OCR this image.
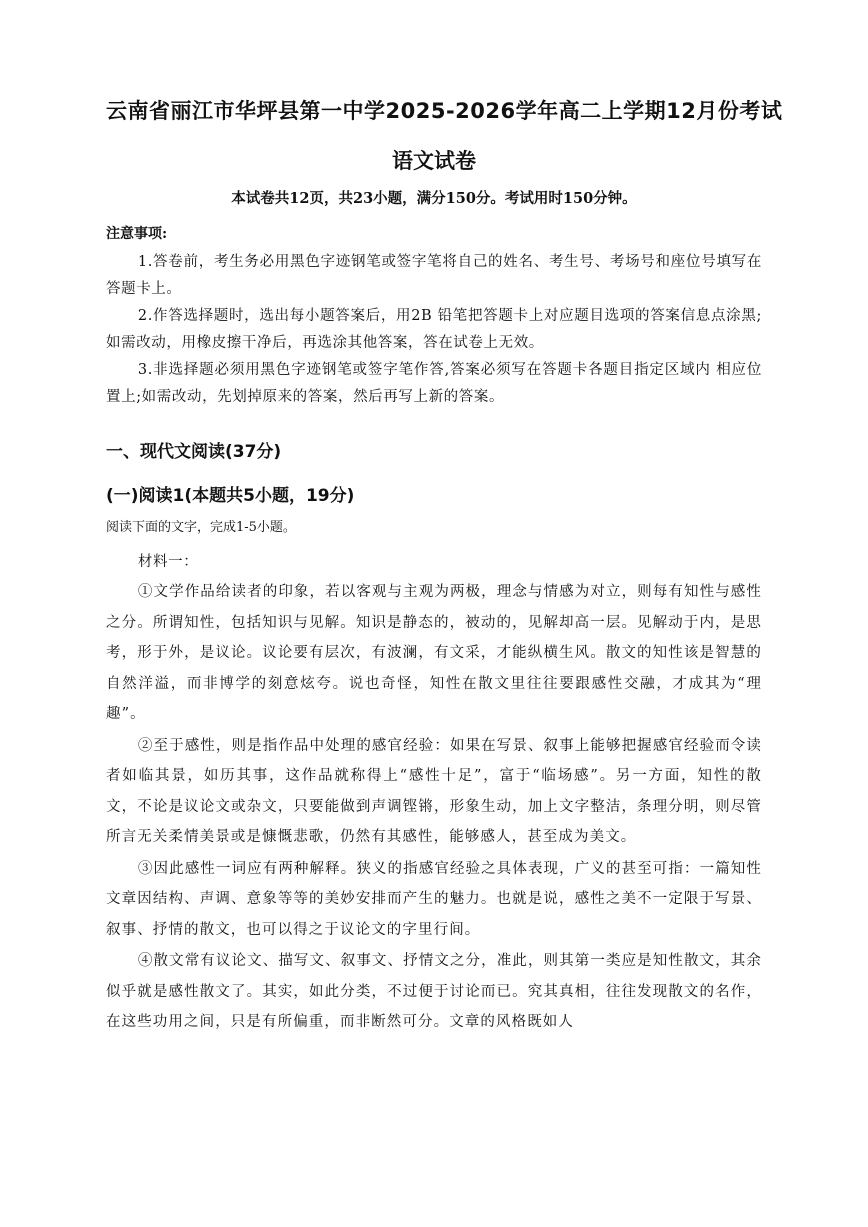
云南省丽江市华坪县第一中学2025-2026学年高二上学期12月份考试
语文试卷
本试卷共12页，共23小题，满分150分。考试用时150分钟。
注意事项:
1.答卷前，考生务必用黑色字迹钢笔或签字笔将自己的姓名、考生号、考场号和座位号填写在答题卡上。
2.作答选择题时，选出每小题答案后，用2B 铅笔把答题卡上对应题目选项的答案信息点涂黑;如需改动，用橡皮擦干净后，再选涂其他答案，答在试卷上无效。
3.非选择题必须用黑色字迹钢笔或签字笔作答,答案必须写在答题卡各题目指定区域内 相应位置上;如需改动，先划掉原来的答案，然后再写上新的答案。
一、现代文阅读(37分)
(一)阅读1(本题共5小题，19分)
阅读下面的文字，完成1-5小题。
材料一：
①文学作品给读者的印象，若以客观与主观为两极，理念与情感为对立，则每有知性与感性之分。所谓知性，包括知识与见解。知识是静态的，被动的，见解却高一层。见解动于内，是思考，形于外，是议论。议论要有层次，有波澜，有文采，才能纵横生风。散文的知性该是智慧的自然洋溢，而非博学的刻意炫夸。说也奇怪，知性在散文里往往要跟感性交融，才成其为“理趣”。
②至于感性，则是指作品中处理的感官经验：如果在写景、叙事上能够把握感官经验而令读者如临其景，如历其事，这作品就称得上“感性十足”，富于“临场感”。另一方面，知性的散文，不论是议论文或杂文，只要能做到声调铿锵，形象生动，加上文字整洁，条理分明，则尽管所言无关柔情美景或是慷慨悲歌，仍然有其感性，能够感人，甚至成为美文。
③因此感性一词应有两种解释。狭义的指感官经验之具体表现，广义的甚至可指：一篇知性文章因结构、声调、意象等等的美妙安排而产生的魅力。也就是说，感性之美不一定限于写景、叙事、抒情的散文，也可以得之于议论文的字里行间。
④散文常有议论文、描写文、叙事文、抒情文之分，准此，则其第一类应是知性散文，其余似乎就是感性散文了。其实，如此分类，不过便于讨论而已。究其真相，往往发现散文的名作，在这些功用之间，只是有所偏重，而非断然可分。文章的风格既如人
